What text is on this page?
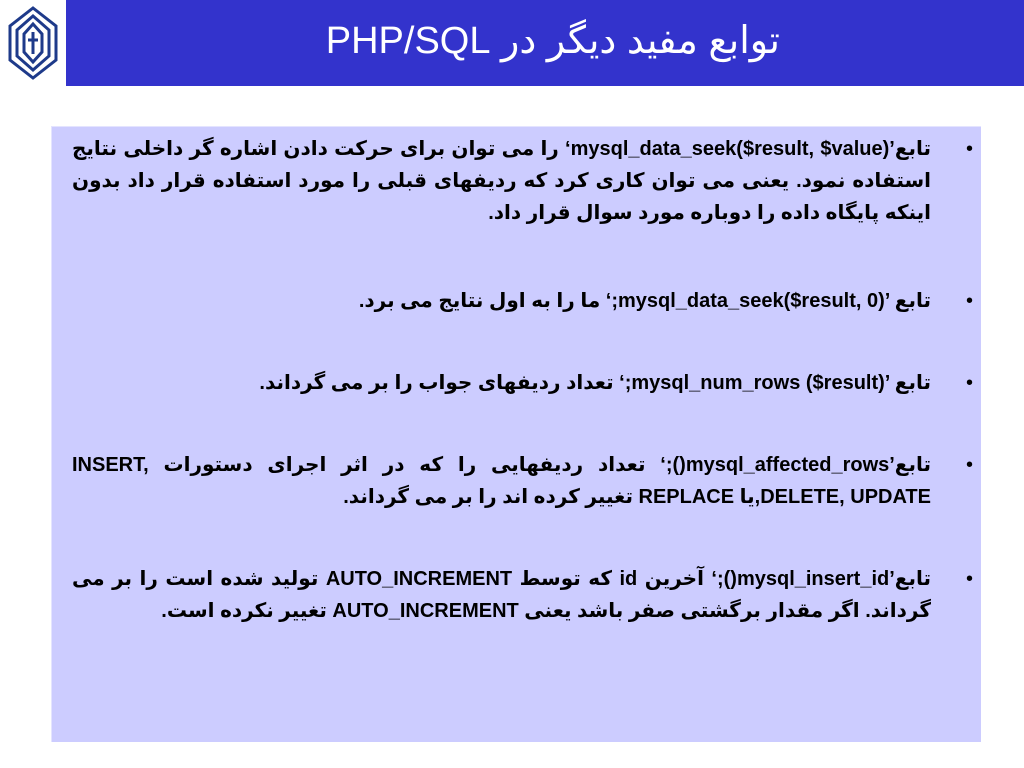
توابع مفید دیگر در PHP/SQL
تابع’mysql_data_seek($result, $value)‘ را می توان برای حرکت دادن اشاره گر داخلی نتایج استفاده نمود. یعنی می توان کاری کرد که ردیفهای قبلی را مورد استفاده قرار داد بدون اینکه پایگاه داده را دوباره مورد سوال قرار داد.
تابع ’mysql_data_seek($result, 0);‘ ما را به اول نتایج می برد.
تابع ’mysql_num_rows ($result);‘ تعداد ردیفهای جواب را بر می گرداند.
تابع’mysql_affected_rows();‘ تعداد ردیفهایی را که در اثر اجرای دستورات INSERT, DELETE, UPDATE,یا REPLACE تغییر کرده اند را بر می گرداند.
تابع’mysql_insert_id();‘ آخرین id که توسط AUTO_INCREMENT تولید شده است را بر می گرداند. اگر مقدار برگشتی صفر باشد یعنی AUTO_INCREMENT تغییر نکرده است.
•
•
•
•
•
